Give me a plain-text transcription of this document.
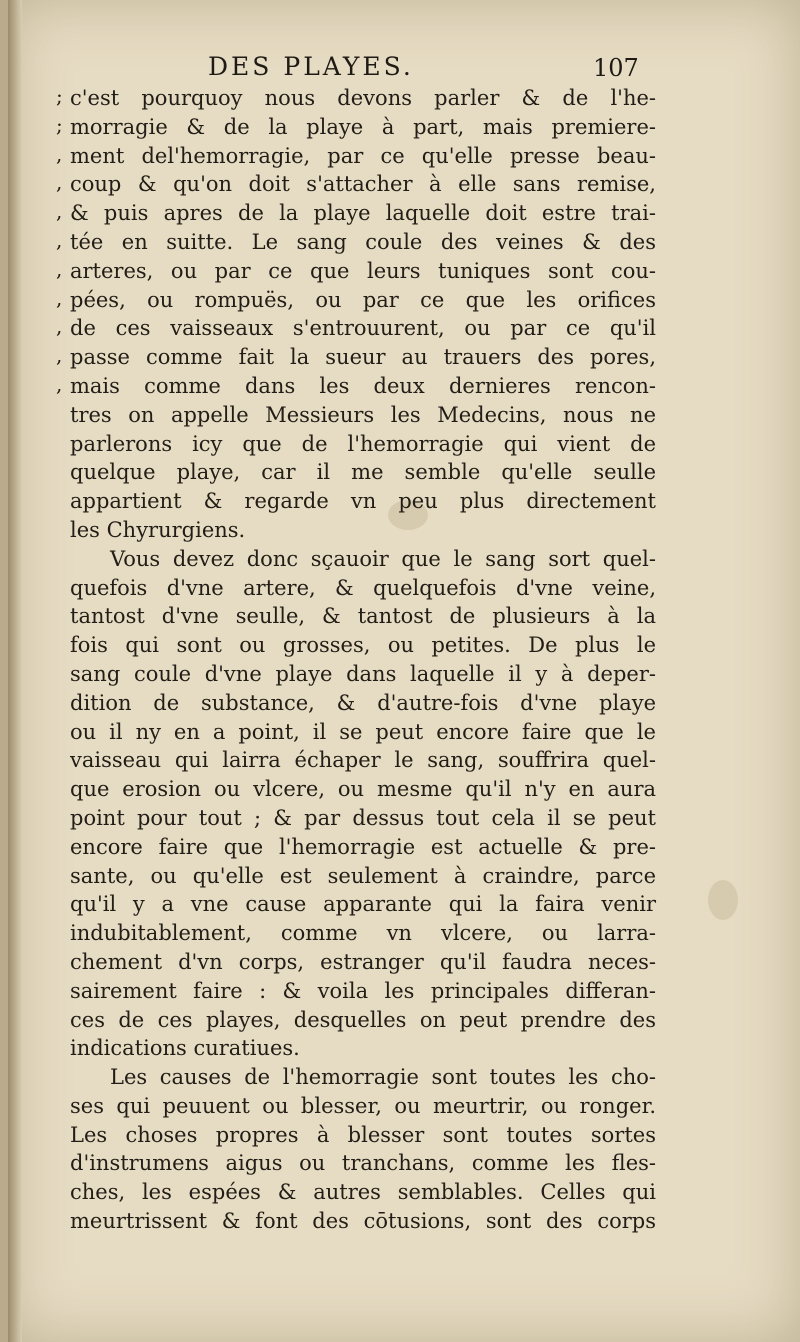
DES PLAYES.	107
; c'est pourquoy nous devons parler & de l'he-
; morragie & de la playe à part, mais premiere-
, ment del'hemorragie, par ce qu'elle presse beau-
, coup & qu'on doit s'attacher à elle sans remise,
, & puis apres de la playe laquelle doit estre trai-
, tée en suitte. Le sang coule des veines & des
, arteres, ou par ce que leurs tuniques sont cou-
, pées, ou rompuës, ou par ce que les orifices
, de ces vaisseaux s'entrouurent, ou par ce qu'il
, passe comme fait la sueur au trauers des pores,
, mais comme dans les deux dernieres rencon-
tres on appelle Messieurs les Medecins, nous ne
parlerons icy que de l'hemorragie qui vient de
quelque playe, car il me semble qu'elle seulle
appartient & regarde vn peu plus directement
les Chyrurgiens.
Vous devez donc sçauoir que le sang sort quel-
quefois d'vne artere, & quelquefois d'vne veine,
tantost d'vne seulle, & tantost de plusieurs à la
fois qui sont ou grosses, ou petites. De plus le
sang coule d'vne playe dans laquelle il y à deper-
dition de substance, & d'autre-fois d'vne playe
ou il ny en a point, il se peut encore faire que le
vaisseau qui lairra échaper le sang, souffrira quel-
que erosion ou vlcere, ou mesme qu'il n'y en aura
point pour tout ; & par dessus tout cela il se peut
encore faire que l'hemorragie est actuelle & pre-
sante, ou qu'elle est seulement à craindre, parce
qu'il y a vne cause apparante qui la faira venir
indubitablement, comme vn vlcere, ou larra-
chement d'vn corps, estranger qu'il faudra neces-
sairement faire : & voila les principales differan-
ces de ces playes, desquelles on peut prendre des
indications curatiues.
Les causes de l'hemorragie sont toutes les cho-
ses qui peuuent ou blesser, ou meurtrir, ou ronger.
Les choses propres à blesser sont toutes sortes
d'instrumens aigus ou tranchans, comme les fles-
ches, les espées & autres semblables. Celles qui
meurtrissent & font des cōtusions, sont des corps
